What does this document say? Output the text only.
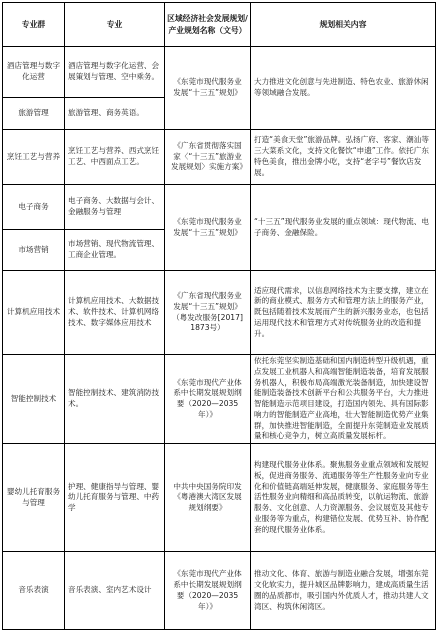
专业群	专业	区域经济社会发展规划/产业规划名称（文号）	规划相关内容
酒店管理与数字化运营	酒店管理与数字化运营、会展策划与管理、空中乘务。	《东莞市现代服务业发展“十三五”规划》	大力推进文化创意与先进制造、特色农业、旅游休闲等领域融合发展。
旅游管理	旅游管理、商务英语。		
烹饪工艺与营养	烹饪工艺与营养、西式烹饪工艺、中西面点工艺。	《广东省贯彻落实国家〈“十三五”旅游业发展规划〉实施方案》	打造“美食天堂”旅游品牌。弘扬广府、客家、潮汕等三大菜系文化，支持文化餐饮“申遗”工作。依托广东特色美食，推出金牌小吃，支持“老字号”餐饮店发展。
电子商务	电子商务、大数据与会计、金融服务与管理	《东莞市现代服务业发展“十三五”规划》	“十三五”现代服务业发展的重点领域：现代物流、电子商务、金融保险。
市场营销	市场营销、现代物流管理、工商企业管理。		
计算机应用技术	计算机应用技术、大数据技术、软件技术、计算机网络技术、数字媒体应用技术	《广东省现代服务业发展“十三五”规划》（粤发改服务[2017]1873号）	适应现代需求，以信息网络技术为主要支撑，建立在新的商业模式、服务方式和管理方法上的服务产业，既包括随着技术发展而产生的新兴服务业态，也包括运用现代技术和管理方式对传统服务业的改造和提升。
智能控制技术	智能控制技术、建筑消防技术。	《东莞市现代产业体系中长期发展规划纲要（2020—2035年）》	依托东莞坚实制造基础和国内制造转型升级机遇，重点发展工业机器人和高端智能制造装备，培育发展服务机器人，积极布局高端激光装备制造，加快建设智能制造装备技术创新平台和公共服务平台，大力推进智能制造示范项目建设，打造国内领先、具有国际影响力的智能制造产业高地，壮大智能制造优势产业集群，加快推进智能制造，全面提升东莞制造业发展质量和核心竞争力，树立高质量发展标杆。
婴幼儿托育服务与管理	护理、健康指导与管理、婴幼儿托育服务与管理、中药学	中共中央国务院印发《粤港澳大湾区发展规划纲要》	构建现代服务业体系。聚焦服务业重点领域和发展短板，促进商务服务、流通服务等生产性服务业向专业化和价值链高端延伸发展，健康服务、家庭服务等生活性服务业向精细和高品质转变，以航运物流、旅游服务、文化创意、人力资源服务、会议展览及其他专业服务等为重点，构建错位发展、优势互补、协作配套的现代服务业体系。
音乐表演	音乐表演、室内艺术设计	《东莞市现代产业体系中长期发展规划纲要（2020—2035年）》	推动文化、体育、旅游与制造业融合发展，增强东莞文化软实力，提升城区品牌影响力，建成高质量生活圈的品质都市，吸引国内外优质人才，推动共建人文湾区、构筑休闲湾区。
